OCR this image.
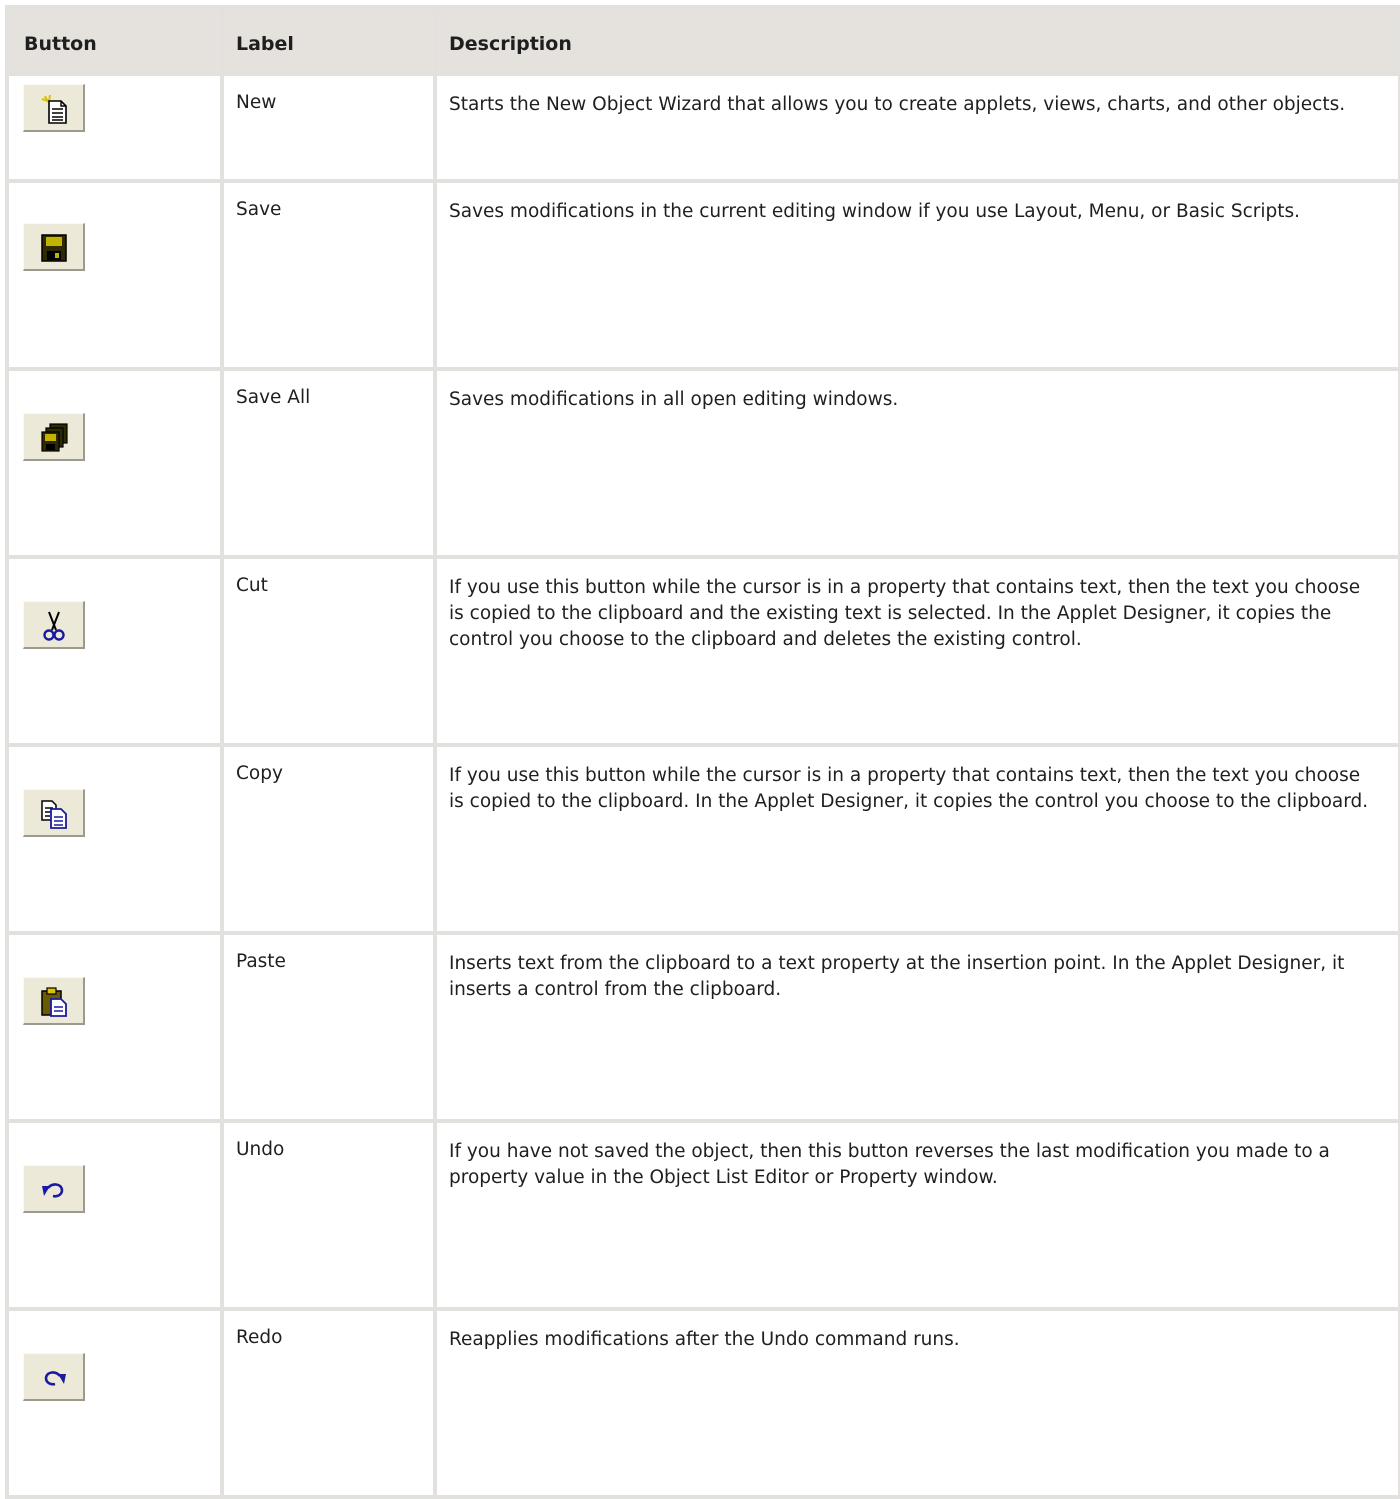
Button	Label	Description

	New	Starts the New Object Wizard that allows you to create applets, views, charts, and other objects.

	Save	Saves modifications in the current editing window if you use Layout, Menu, or Basic Scripts.

	Save All	Saves modifications in all open editing windows.

	Cut	If you use this button while the cursor is in a property that contains text, then the text you choose
is copied to the clipboard and the existing text is selected. In the Applet Designer, it copies the
control you choose to the clipboard and deletes the existing control.

	Copy	If you use this button while the cursor is in a property that contains text, then the text you choose
is copied to the clipboard. In the Applet Designer, it copies the control you choose to the clipboard.

	Paste	Inserts text from the clipboard to a text property at the insertion point. In the Applet Designer, it
inserts a control from the clipboard.

	Undo	If you have not saved the object, then this button reverses the last modification you made to a
property value in the Object List Editor or Property window.

	Redo	Reapplies modifications after the Undo command runs.
